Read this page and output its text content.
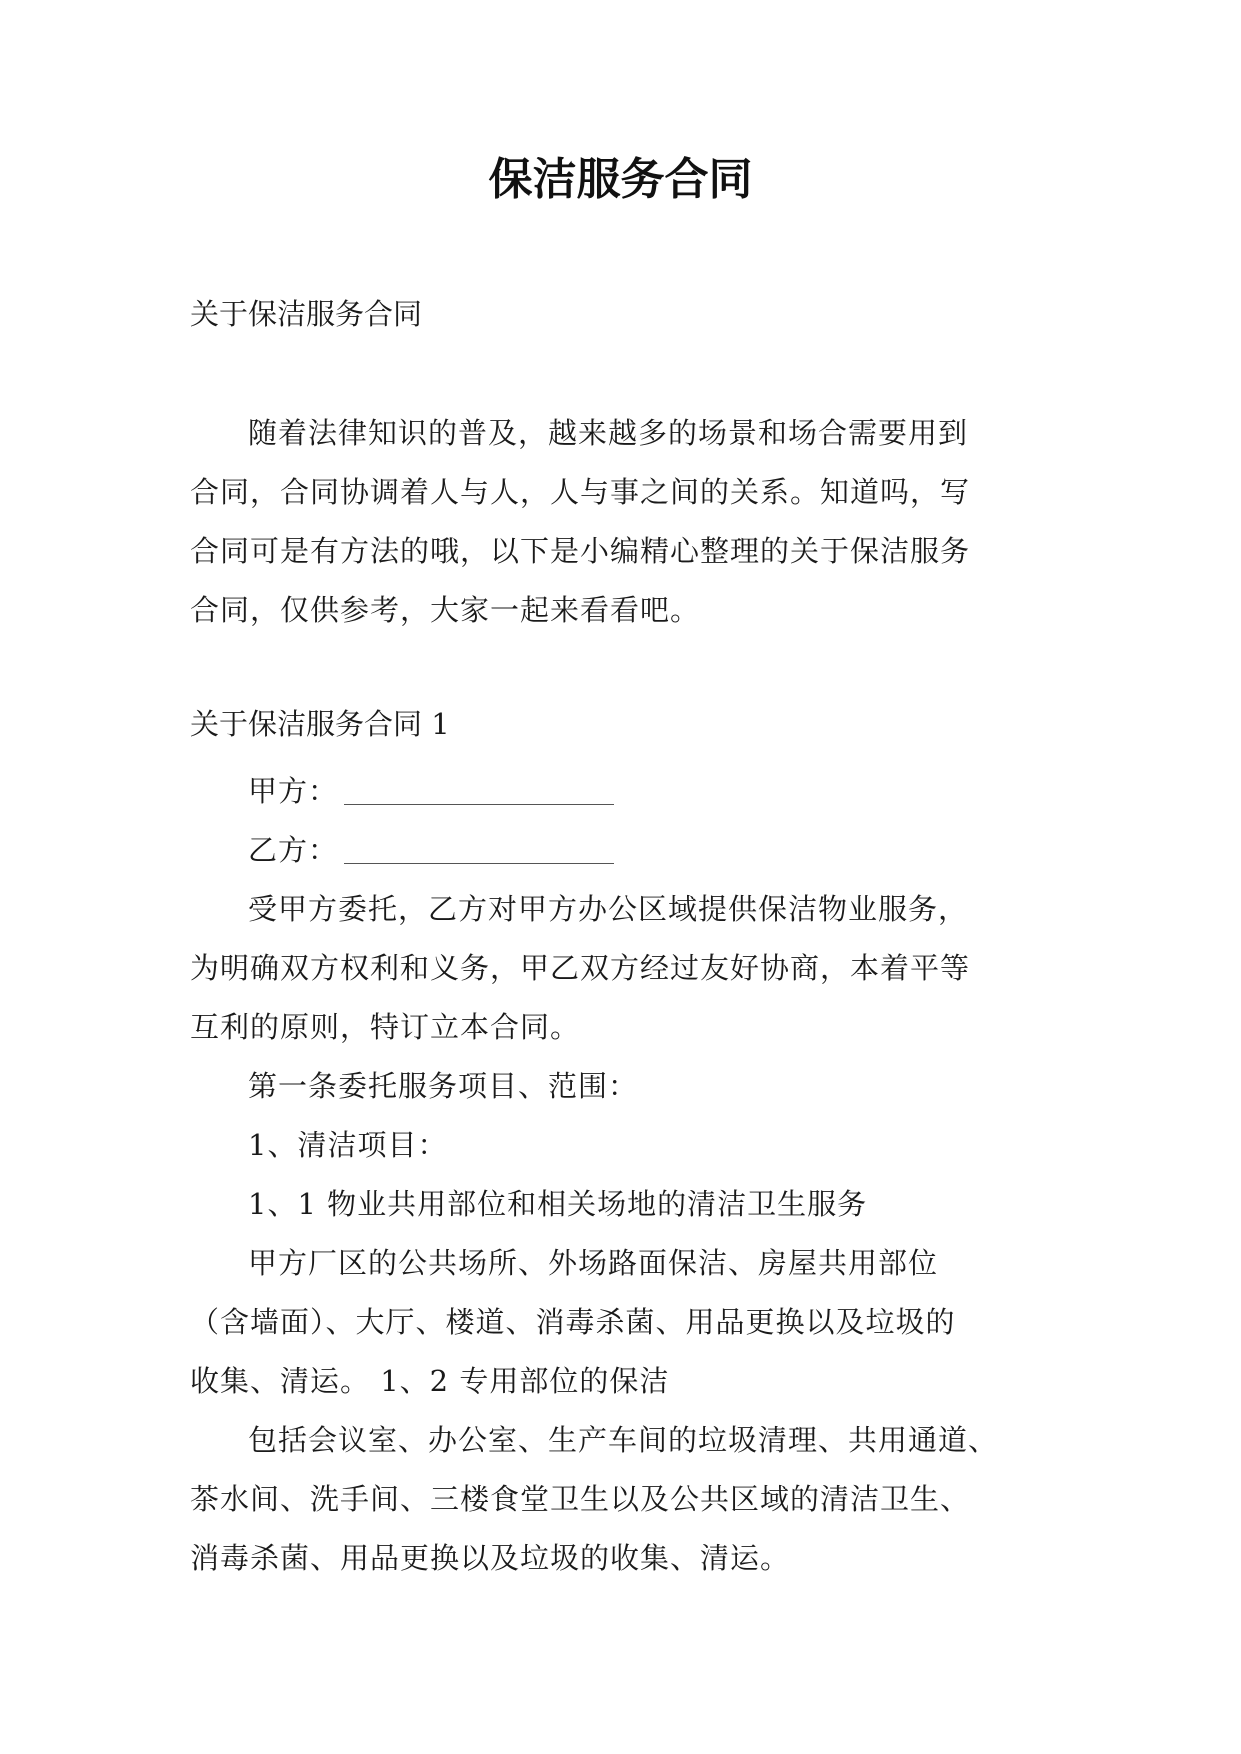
保洁服务合同
关于保洁服务合同
随着法律知识的普及，越来越多的场景和场合需要用到
合同，合同协调着人与人，人与事之间的关系。知道吗，写
合同可是有方法的哦，以下是小编精心整理的关于保洁服务
合同，仅供参考，大家一起来看看吧。
关于保洁服务合同 1
甲方：
乙方：
受甲方委托，乙方对甲方办公区域提供保洁物业服务，
为明确双方权利和义务，甲乙双方经过友好协商，本着平等
互利的原则，特订立本合同。
第一条委托服务项目、范围：
1、清洁项目：
1、1 物业共用部位和相关场地的清洁卫生服务
甲方厂区的公共场所、外场路面保洁、房屋共用部位
（含墙面）、大厅、楼道、消毒杀菌、用品更换以及垃圾的
收集、清运。 1、2 专用部位的保洁
包括会议室、办公室、生产车间的垃圾清理、共用通道、
茶水间、洗手间、三楼食堂卫生以及公共区域的清洁卫生、
消毒杀菌、用品更换以及垃圾的收集、清运。
